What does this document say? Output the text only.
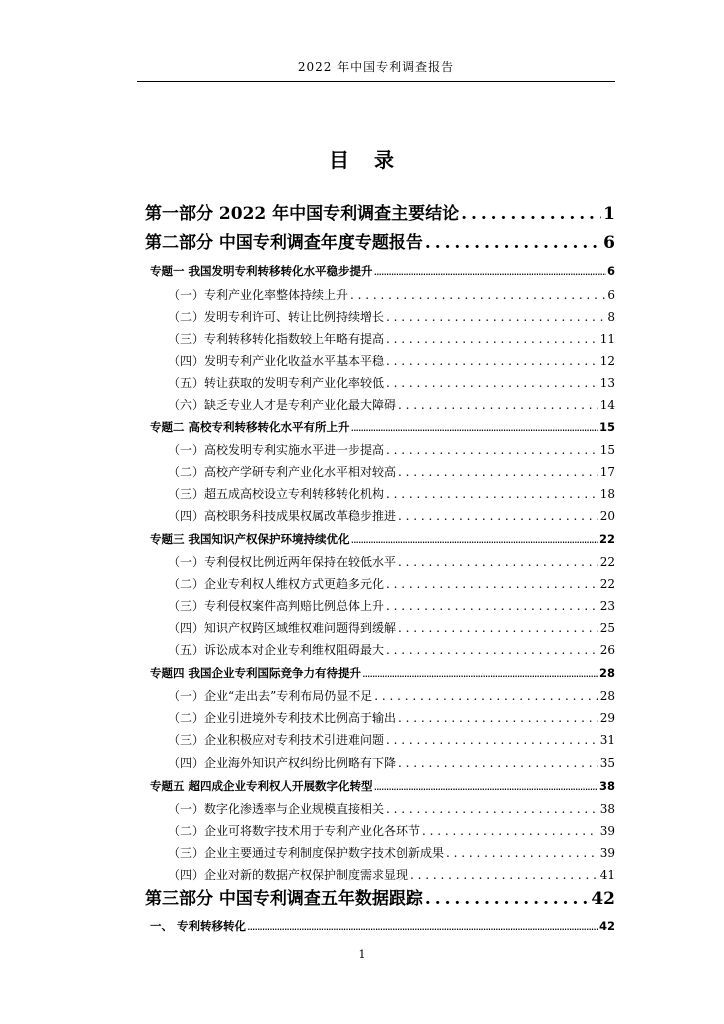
2022 年中国专利调查报告
目 录
第一部分 2022 年中国专利调查主要结论 . . .	1
第二部分 中国专利调查年度专题报告 . . .	6
专题一 我国发明专利转移转化水平稳步提升 .....	6
（一）专利产业化率整体持续上升 . . .	6
（二）发明专利许可、转让比例持续增长 . . .	8
（三）专利转移转化指数较上年略有提高 . . .	11
（四）发明专利产业化收益水平基本平稳 . . .	12
（五）转让获取的发明专利产业化率较低 . . .	13
（六）缺乏专业人才是专利产业化最大障碍 . . .	14
专题二 高校专利转移转化水平有所上升 .....	15
（一）高校发明专利实施水平进一步提高 . . .	15
（二）高校产学研专利产业化水平相对较高 . . .	17
（三）超五成高校设立专利转移转化机构 . . .	18
（四）高校职务科技成果权属改革稳步推进 . . .	20
专题三 我国知识产权保护环境持续优化 .....	22
（一）专利侵权比例近两年保持在较低水平 . . .	22
（二）企业专利权人维权方式更趋多元化 . . .	22
（三）专利侵权案件高判赔比例总体上升 . . .	23
（四）知识产权跨区域维权难问题得到缓解 . . .	25
（五）诉讼成本对企业专利维权阻碍最大 . . .	26
专题四 我国企业专利国际竞争力有待提升 .....	28
（一）企业“走出去”专利布局仍显不足 . . .	28
（二）企业引进境外专利技术比例高于输出 . . .	29
（三）企业积极应对专利技术引进难问题 . . .	31
（四）企业海外知识产权纠纷比例略有下降 . . .	35
专题五 超四成企业专利权人开展数字化转型 .....	38
（一）数字化渗透率与企业规模直接相关 . . .	38
（二）企业可将数字技术用于专利产业化各环节 . . .	39
（三）企业主要通过专利制度保护数字技术创新成果 . . .	39
（四）企业对新的数据产权保护制度需求显现 . . .	41
第三部分 中国专利调查五年数据跟踪 . . .	42
一、 专利转移转化 .....	42
1
